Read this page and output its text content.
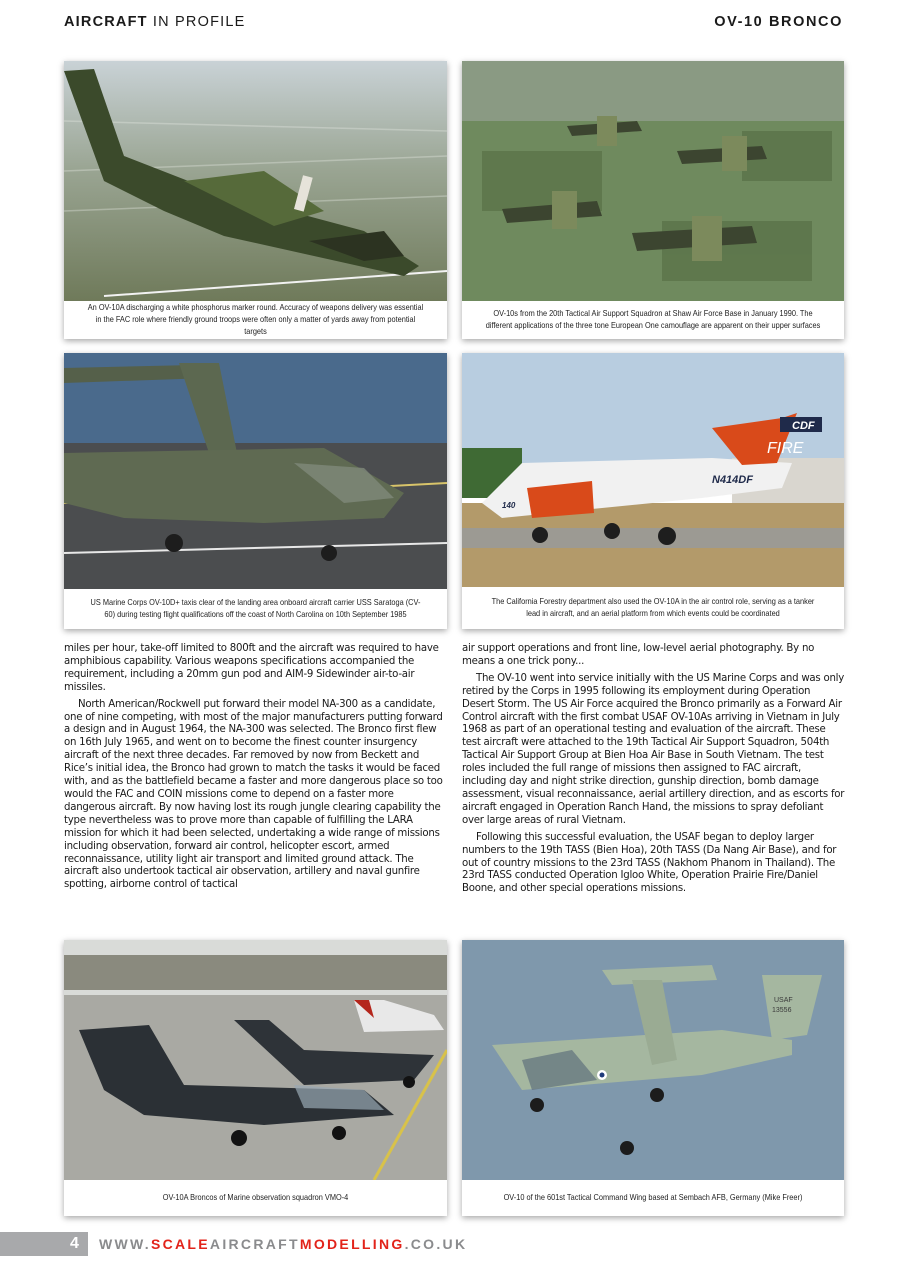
AIRCRAFT IN PROFILE	OV-10 BRONCO
An OV-10A discharging a white phosphorus marker round. Accuracy of weapons delivery was essential in the FAC role where friendly ground troops were often only a matter of yards away from potential targets
OV-10s from the 20th Tactical Air Support Squadron at Shaw Air Force Base in January 1990. The different applications of the three tone European One camouflage are apparent on their upper surfaces
US Marine Corps OV-10D+ taxis clear of the landing area onboard aircraft carrier USS Saratoga (CV-60) during testing flight qualifications off the coast of North Carolina on 10th September 1985
CDF
FIRE
N414DF
140
The California Forestry department also used the OV-10A in the air control role, serving as a tanker lead in aircraft, and an aerial platform from which events could be coordinated

miles per hour, take-off limited to 800ft and the aircraft was required to have amphibious capability. Various weapons specifications accompanied the requirement, including a 20mm gun pod and AIM-9 Sidewinder air-to-air missiles.

North American/Rockwell put forward their model NA-300 as a candidate, one of nine competing, with most of the major manufacturers putting forward a design and in August 1964, the NA-300 was selected. The Bronco first flew on 16th July 1965, and went on to become the finest counter insurgency aircraft of the next three decades. Far removed by now from Beckett and Rice’s initial idea, the Bronco had grown to match the tasks it would be faced with, and as the battlefield became a faster and more dangerous place so too would the FAC and COIN missions come to depend on a faster more dangerous aircraft. By now having lost its rough jungle clearing capability the type nevertheless was to prove more than capable of fulfilling the LARA mission for which it had been selected, undertaking a wide range of missions including observation, forward air control, helicopter escort, armed reconnaissance, utility light air transport and limited ground attack. The aircraft also undertook tactical air observation, artillery and naval gunfire spotting, airborne control of tactical

air support operations and front line, low-level aerial photography. By no means a one trick pony...

The OV-10 went into service initially with the US Marine Corps and was only retired by the Corps in 1995 following its employment during Operation Desert Storm. The US Air Force acquired the Bronco primarily as a Forward Air Control aircraft with the first combat USAF OV-10As arriving in Vietnam in July 1968 as part of an operational testing and evaluation of the aircraft. These test aircraft were attached to the 19th Tactical Air Support Squadron, 504th Tactical Air Support Group at Bien Hoa Air Base in South Vietnam. The test roles included the full range of missions then assigned to FAC aircraft, including day and night strike direction, gunship direction, bomb damage assessment, visual reconnaissance, aerial artillery direction, and as escorts for aircraft engaged in Operation Ranch Hand, the missions to spray defoliant over large areas of rural Vietnam.

Following this successful evaluation, the USAF began to deploy larger numbers to the 19th TASS (Bien Hoa), 20th TASS (Da Nang Air Base), and for out of country missions to the 23rd TASS (Nakhom Phanom in Thailand). The 23rd TASS conducted Operation Igloo White, Operation Prairie Fire/Daniel Boone, and other special operations missions.

OV-10A Broncos of Marine observation squadron VMO-4
USAF
13556
OV-10 of the 601st Tactical Command Wing based at Sembach AFB, Germany (Mike Freer)
4 WWW.SCALEAIRCRAFTMODELLING.CO.UK
